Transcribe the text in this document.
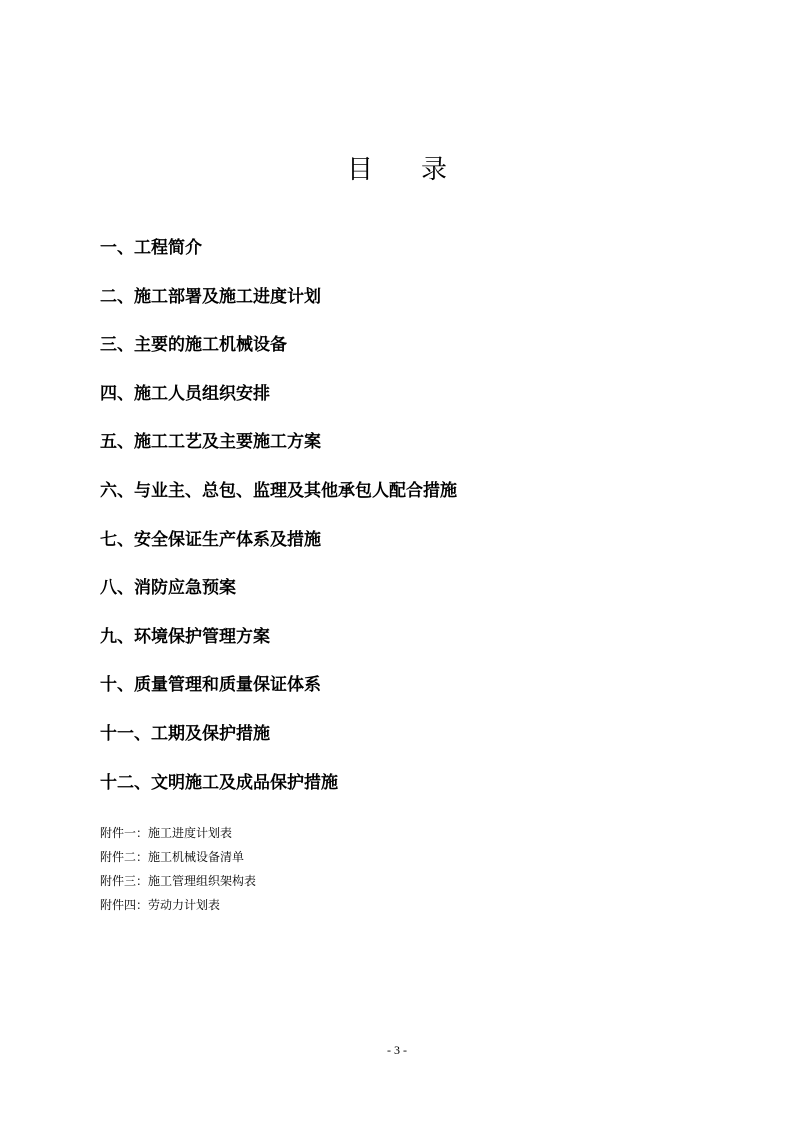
目录
一、工程简介
二、施工部署及施工进度计划
三、主要的施工机械设备
四、施工人员组织安排
五、施工工艺及主要施工方案
六、与业主、总包、监理及其他承包人配合措施
七、安全保证生产体系及措施
八、消防应急预案
九、环境保护管理方案
十、质量管理和质量保证体系
十一、工期及保护措施
十二、文明施工及成品保护措施
附件一：施工进度计划表
附件二：施工机械设备清单
附件三：施工管理组织架构表
附件四：劳动力计划表
- 3 -
